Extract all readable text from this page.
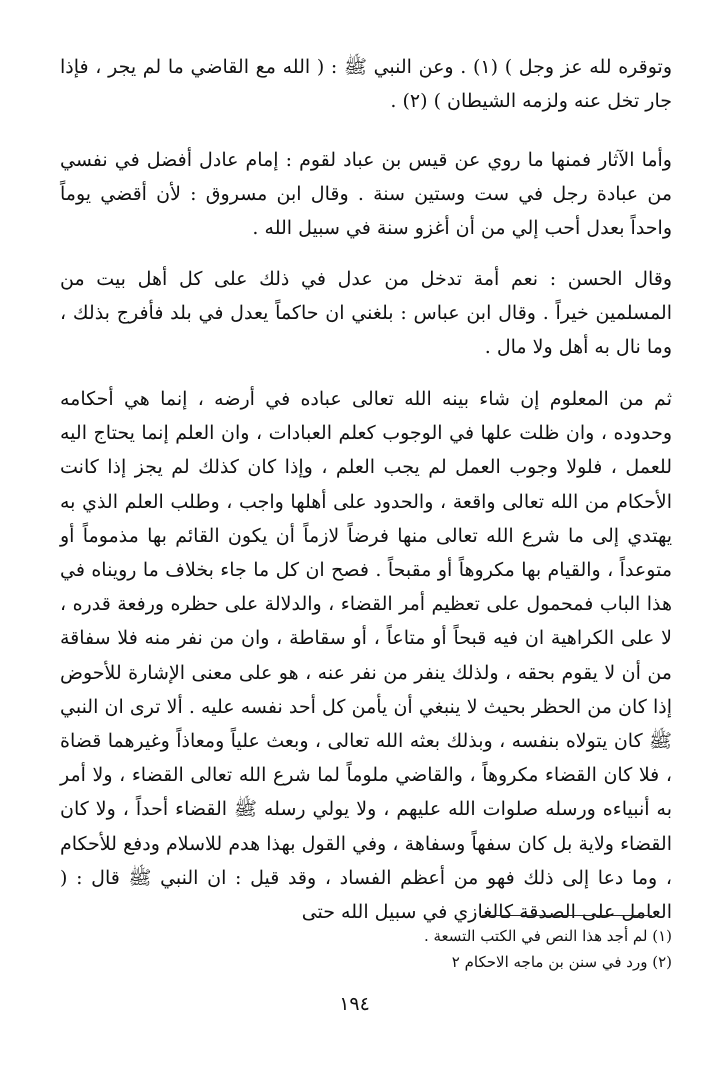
وتوقره لله عز وجل ) (١) . وعن النبي ﷺ : ( الله مع القاضي ما لم يجر ، فإذا جار تخل عنه ولزمه الشيطان ) (٢) .

وأما الآثار فمنها ما روي عن قيس بن عباد لقوم : إمام عادل أفضل في نفسي من عبادة رجل في ست وستين سنة . وقال ابن مسروق : لأن أقضي يوماً واحداً بعدل أحب إلي من أن أغزو سنة في سبيل الله .

وقال الحسن : نعم أمة تدخل من عدل في ذلك على كل أهل بيت من المسلمين خيراً . وقال ابن عباس : بلغني ان حاكماً يعدل في بلد فأفرج بذلك ، وما نال به أهل ولا مال .

ثم من المعلوم إن شاء بينه الله تعالى عباده في أرضه ، إنما هي أحكامه وحدوده ، وان ظلت علها في الوجوب كعلم العبادات ، وان العلم إنما يحتاج اليه للعمل ، فلولا وجوب العمل لم يجب العلم ، وإذا كان كذلك لم يجز إذا كانت الأحكام من الله تعالى واقعة ، والحدود على أهلها واجب ، وطلب العلم الذي به يهتدي إلى ما شرع الله تعالى منها فرضاً لازماً أن يكون القائم بها مذموماً أو متوعداً ، والقيام بها مكروهاً أو مقبحاً . فصح ان كل ما جاء بخلاف ما رويناه في هذا الباب فمحمول على تعظيم أمر القضاء ، والدلالة على حظره ورفعة قدره ، لا على الكراهية ان فيه قبحاً أو متاعاً ، أو سقاطة ، وان من نفر منه فلا سفاقة من أن لا يقوم بحقه ، ولذلك ينفر من نفر عنه ، هو على معنى الإشارة للأحوض إذا كان من الحظر بحيث لا ينبغي أن يأمن كل أحد نفسه عليه . ألا ترى ان النبي ﷺ كان يتولاه بنفسه ، وبذلك بعثه الله تعالى ، وبعث علياً ومعاذاً وغيرهما قضاة ، فلا كان القضاء مكروهاً ، والقاضي ملوماً لما شرع الله تعالى القضاء ، ولا أمر به أنبياءه ورسله صلوات الله عليهم ، ولا يولي رسله ﷺ القضاء أحداً ، ولا كان القضاء ولاية بل كان سفهاً وسفاهة ، وفي القول بهذا هدم للاسلام ودفع للأحكام ، وما دعا إلى ذلك فهو من أعظم الفساد ، وقد قيل : ان النبي ﷺ قال : ( العامل على الصدقة كالغازي في سبيل الله حتى

(١) لم أجد هذا النص في الكتب التسعة .

(٢) ورد في سنن بن ماجه الاحكام ٢

١٩٤
